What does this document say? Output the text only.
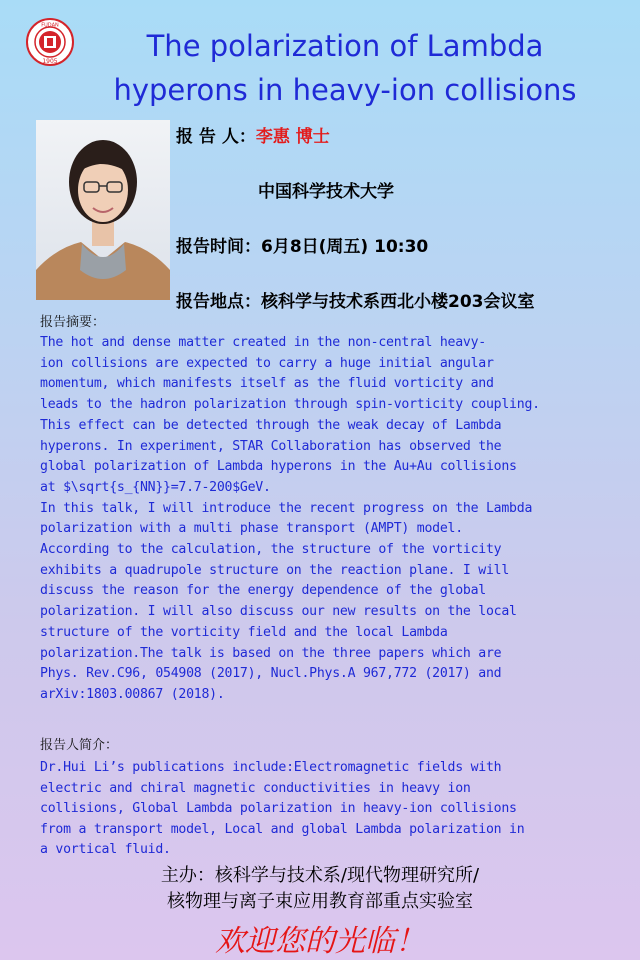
FUDAN
1905	The polarization of Lambda
hyperons in heavy-ion collisions
报 告 人：李惠 博士
中国科学技术大学
报告时间：6月8日(周五) 10:30
报告地点：核科学与技术系西北小楼203会议室
报告摘要：
The hot and dense matter created in the non-central heavy-
ion collisions are expected to carry a huge initial angular
momentum, which manifests itself as the fluid vorticity and
leads to the hadron polarization through spin-vorticity coupling.
This effect can be detected through the weak decay of Lambda
hyperons. In experiment, STAR Collaboration has observed the
global polarization of Lambda hyperons in the Au+Au collisions
at $\sqrt{s_{NN}}=7.7-200$GeV.
In this talk, I will introduce the recent progress on the Lambda
polarization with a multi phase transport (AMPT) model.
According to the calculation, the structure of the vorticity
exhibits a quadrupole structure on the reaction plane. I will
discuss the reason for the energy dependence of the global
polarization. I will also discuss our new results on the local
structure of the vorticity field and the local Lambda
polarization.The talk is based on the three papers which are
Phys. Rev.C96, 054908 (2017), Nucl.Phys.A 967,772 (2017) and
arXiv:1803.00867 (2018).
报告人简介：
Dr.Hui Li’s publications include:Electromagnetic fields with
electric and chiral magnetic conductivities in heavy ion
collisions, Global Lambda polarization in heavy-ion collisions
from a transport model, Local and global Lambda polarization in
a vortical fluid.
主办：核科学与技术系/现代物理研究所/
核物理与离子束应用教育部重点实验室
欢迎您的光临！
